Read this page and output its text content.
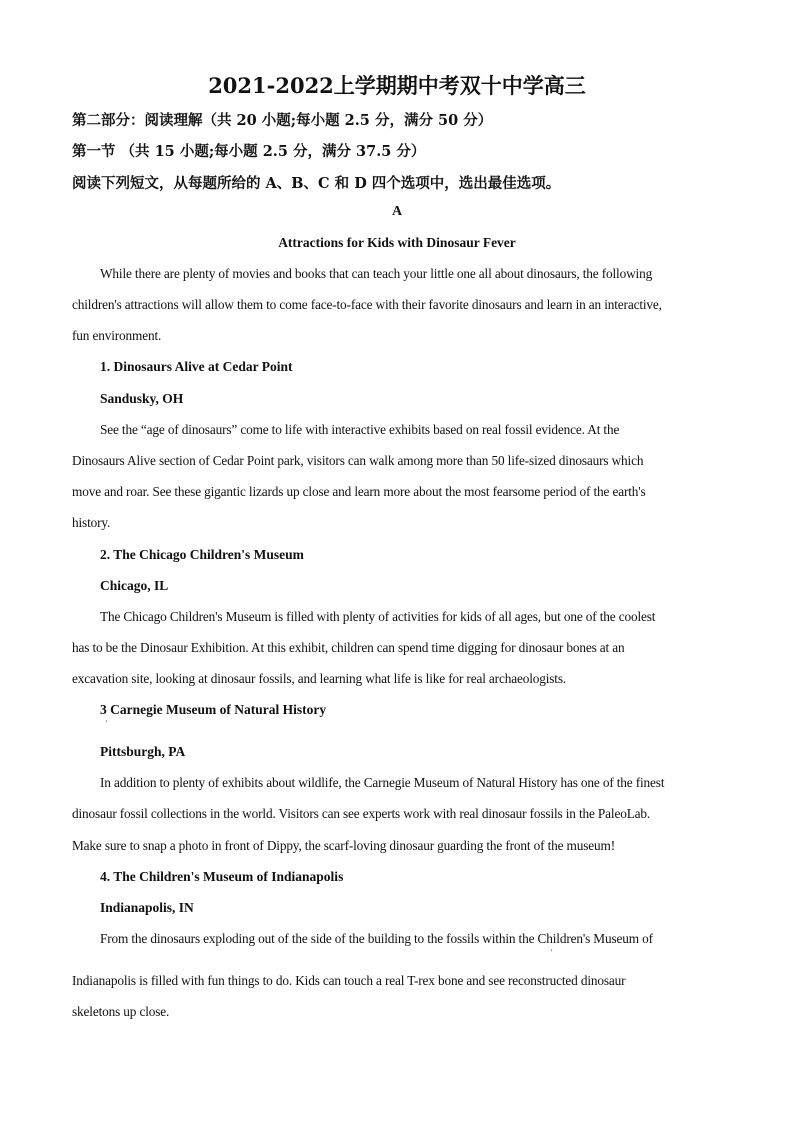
2021-2022上学期期中考双十中学高三
第二部分：阅读理解（共 20 小题;每小题 2.5 分，满分 50 分）
第一节 （共 15 小题;每小题 2.5 分，满分 37.5 分）
阅读下列短文，从每题所给的 A、B、C 和 D 四个选项中，选出最佳选项。
A
Attractions for Kids with Dinosaur Fever
While there are plenty of movies and books that can teach your little one all about dinosaurs, the following
children's attractions will allow them to come face-to-face with their favorite dinosaurs and learn in an interactive,
fun environment.
1. Dinosaurs Alive at Cedar Point
Sandusky, OH
See the “age of dinosaurs” come to life with interactive exhibits based on real fossil evidence. At the
Dinosaurs Alive section of Cedar Point park, visitors can walk among more than 50 life-sized dinosaurs which
move and roar. See these gigantic lizards up close and learn more about the most fearsome period of the earth's
history.
2. The Chicago Children's Museum
Chicago, IL
The Chicago Children's Museum is filled with plenty of activities for kids of all ages, but one of the coolest
has to be the Dinosaur Exhibition. At this exhibit, children can spend time digging for dinosaur bones at an
excavation site, looking at dinosaur fossils, and learning what life is like for real archaeologists.
3 Carnegie Museum of Natural History
'
Pittsburgh, PA
In addition to plenty of exhibits about wildlife, the Carnegie Museum of Natural History has one of the finest
dinosaur fossil collections in the world. Visitors can see experts work with real dinosaur fossils in the PaleoLab.
Make sure to snap a photo in front of Dippy, the scarf-loving dinosaur guarding the front of the museum!
4. The Children's Museum of Indianapolis
Indianapolis, IN
From the dinosaurs exploding out of the side of the building to the fossils within the Children's Museum of
'
Indianapolis is filled with fun things to do. Kids can touch a real T-rex bone and see reconstructed dinosaur
skeletons up close.
